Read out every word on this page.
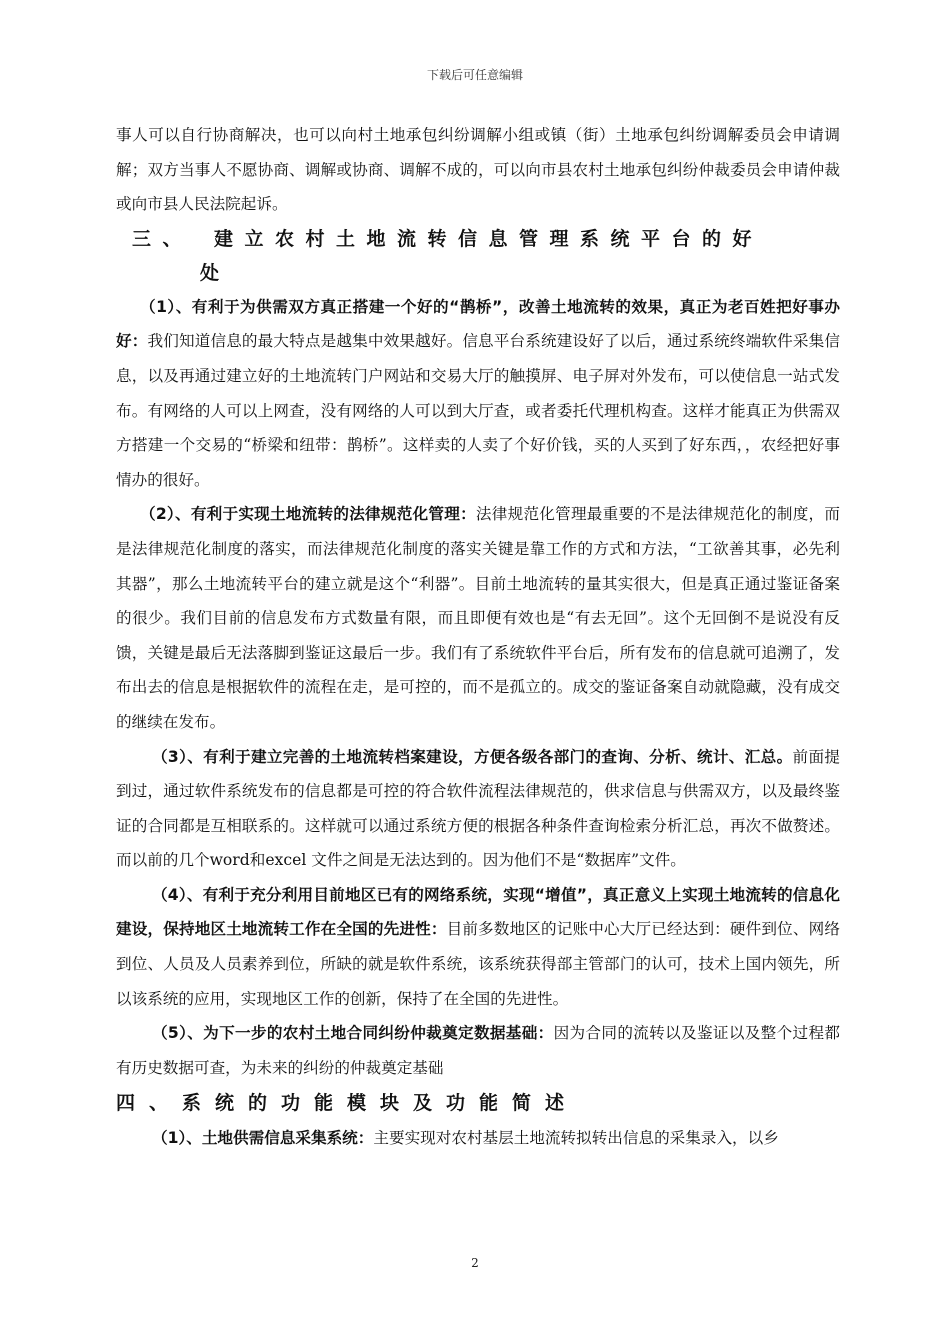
下载后可任意编辑

事人可以自行协商解决，也可以向村土地承包纠纷调解小组或镇（街）土地承包纠纷调解委员会申请调解；双方当事人不愿协商、调解或协商、调解不成的，可以向市县农村土地承包纠纷仲裁委员会申请仲裁或向市县人民法院起诉。

三、 建立农村土地流转信息管理系统平台的好
处

（1）、有利于为供需双方真正搭建一个好的“鹊桥”，改善土地流转的效果，真正为老百姓把好事办好：我们知道信息的最大特点是越集中效果越好。信息平台系统建设好了以后，通过系统终端软件采集信息，以及再通过建立好的土地流转门户网站和交易大厅的触摸屏、电子屏对外发布，可以使信息一站式发布。有网络的人可以上网查，没有网络的人可以到大厅查，或者委托代理机构查。这样才能真正为供需双方搭建一个交易的“桥梁和纽带：鹊桥”。这样卖的人卖了个好价钱，买的人买到了好东西，，农经把好事情办的很好。

（2）、有利于实现土地流转的法律规范化管理：法律规范化管理最重要的不是法律规范化的制度，而是法律规范化制度的落实，而法律规范化制度的落实关键是靠工作的方式和方法，“工欲善其事，必先利其器”，那么土地流转平台的建立就是这个“利器”。目前土地流转的量其实很大，但是真正通过鉴证备案的很少。我们目前的信息发布方式数量有限，而且即便有效也是“有去无回”。这个无回倒不是说没有反馈，关键是最后无法落脚到鉴证这最后一步。我们有了系统软件平台后，所有发布的信息就可追溯了，发布出去的信息是根据软件的流程在走，是可控的，而不是孤立的。成交的鉴证备案自动就隐藏，没有成交的继续在发布。

（3）、有利于建立完善的土地流转档案建设，方便各级各部门的查询、分析、统计、汇总。前面提到过，通过软件系统发布的信息都是可控的符合软件流程法律规范的，供求信息与供需双方，以及最终鉴证的合同都是互相联系的。这样就可以通过系统方便的根据各种条件查询检索分析汇总，再次不做赘述。而以前的几个word和excel 文件之间是无法达到的。因为他们不是“数据库”文件。

（4）、有利于充分利用目前地区已有的网络系统，实现“增值”，真正意义上实现土地流转的信息化建设，保持地区土地流转工作在全国的先进性：目前多数地区的记账中心大厅已经达到：硬件到位、网络到位、人员及人员素养到位，所缺的就是软件系统，该系统获得部主管部门的认可，技术上国内领先，所以该系统的应用，实现地区工作的创新，保持了在全国的先进性。

（5）、为下一步的农村土地合同纠纷仲裁奠定数据基础：因为合同的流转以及鉴证以及整个过程都有历史数据可查，为未来的纠纷的仲裁奠定基础

四、系统的功能模块及功能简述

（1）、土地供需信息采集系统：主要实现对农村基层土地流转拟转出信息的采集录入，以乡

2
